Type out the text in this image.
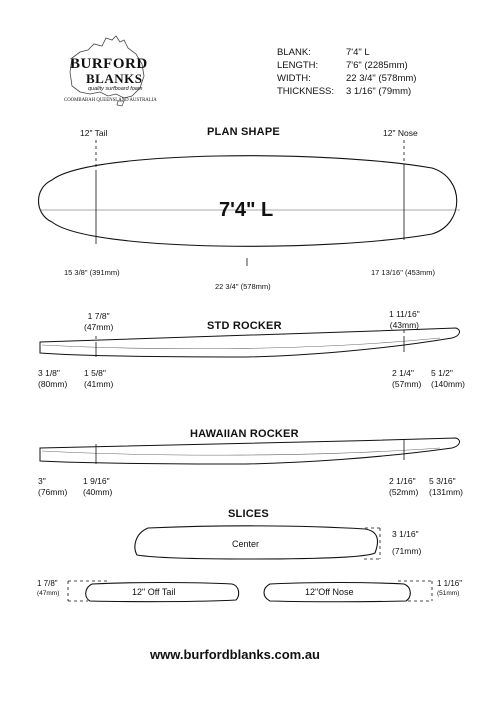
BURFORD
BLANKS
quality surfboard foam
COOMBABAH QUEENSLAND AUSTRALIA
BLANK:
LENGTH:
WIDTH:
THICKNESS:
7'4" L
7'6" (2285mm)
22 3/4" (578mm)
3 1/16" (79mm)
PLAN SHAPE
12" Tail	12" Nose
7'4" L
15 3/8" (391mm)
22 3/4" (578mm)
17 13/16" (453mm)
STD ROCKER
1 7/8"
(47mm)
1 11/16"
(43mm)
3 1/8"
(80mm)
1 5/8"
(41mm)
2 1/4"
(57mm)
5 1/2"
(140mm)
HAWAIIAN ROCKER
3"
(76mm)
1 9/16"
(40mm)
2 1/16"
(52mm)
5 3/16"
(131mm)
SLICES
Center
3 1/16"
(71mm)
12" Off Tail	12"Off Nose
1 7/8"
(47mm)
1 1/16"
(51mm)
www.burfordblanks.com.au
